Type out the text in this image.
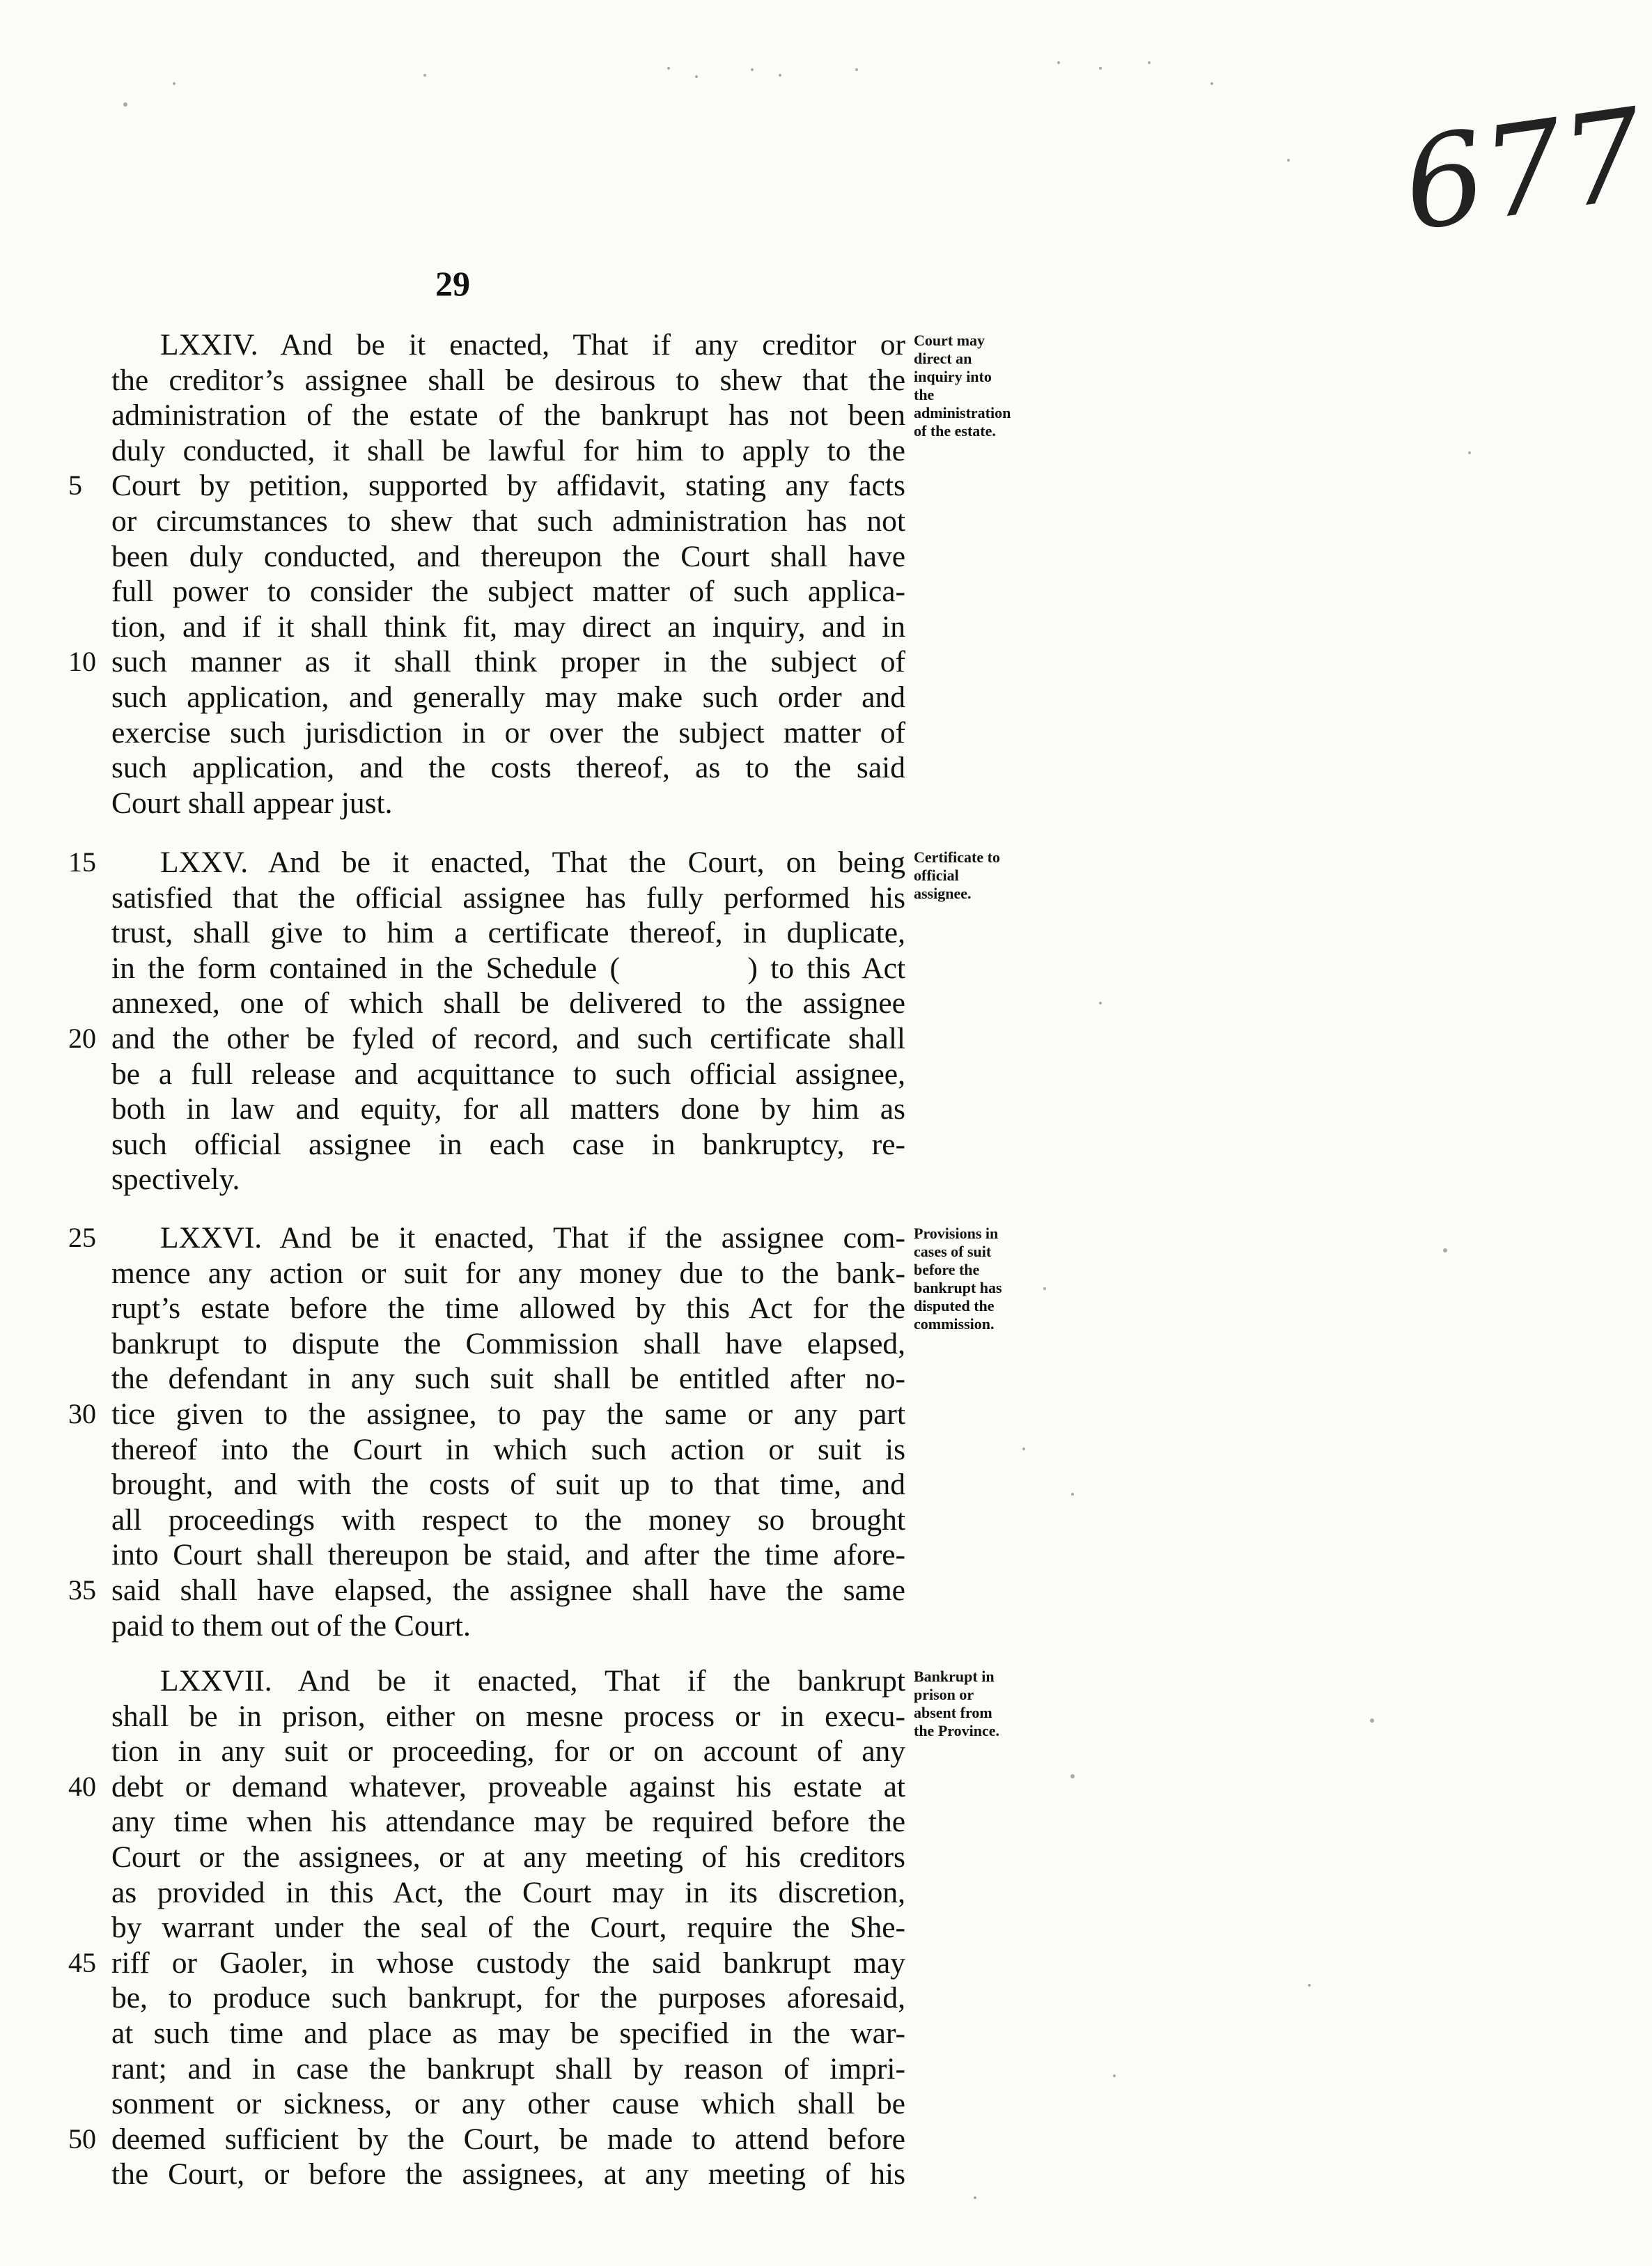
677
29
LXXIV. And be it enacted, That if any creditor or
the creditor’s assignee shall be desirous to shew that the
administration of the estate of the bankrupt has not been
duly conducted, it shall be lawful for him to apply to the
5 Court by petition, supported by affidavit, stating any facts
or circumstances to shew that such administration has not
been duly conducted, and thereupon the Court shall have
full power to consider the subject matter of such applica-
tion, and if it shall think fit, may direct an inquiry, and in
10 such manner as it shall think proper in the subject of
such application, and generally may make such order and
exercise such jurisdiction in or over the subject matter of
such application, and the costs thereof, as to the said
Court shall appear just.
Court may
direct an
inquiry into
the
administration
of the estate.
15 LXXV. And be it enacted, That the Court, on being
satisfied that the official assignee has fully performed his
trust, shall give to him a certificate thereof, in duplicate,
in the form contained in the Schedule (          ) to this Act
annexed, one of which shall be delivered to the assignee
20 and the other be fyled of record, and such certificate shall
be a full release and acquittance to such official assignee,
both in law and equity, for all matters done by him as
such official assignee in each case in bankruptcy, re-
spectively.
Certificate to
official
assignee.
25 LXXVI. And be it enacted, That if the assignee com-
mence any action or suit for any money due to the bank-
rupt’s estate before the time allowed by this Act for the
bankrupt to dispute the Commission shall have elapsed,
the defendant in any such suit shall be entitled after no-
30 tice given to the assignee, to pay the same or any part
thereof into the Court in which such action or suit is
brought, and with the costs of suit up to that time, and
all proceedings with respect to the money so brought
into Court shall thereupon be staid, and after the time afore-
35 said shall have elapsed, the assignee shall have the same
paid to them out of the Court.
Provisions in
cases of suit
before the
bankrupt has
disputed the
commission.
LXXVII. And be it enacted, That if the bankrupt
shall be in prison, either on mesne process or in execu-
tion in any suit or proceeding, for or on account of any
40 debt or demand whatever, proveable against his estate at
any time when his attendance may be required before the
Court or the assignees, or at any meeting of his creditors
as provided in this Act, the Court may in its discretion,
by warrant under the seal of the Court, require the She-
45 riff or Gaoler, in whose custody the said bankrupt may
be, to produce such bankrupt, for the purposes aforesaid,
at such time and place as may be specified in the war-
rant; and in case the bankrupt shall by reason of impri-
sonment or sickness, or any other cause which shall be
50 deemed sufficient by the Court, be made to attend before
the Court, or before the assignees, at any meeting of his
Bankrupt in
prison or
absent from
the Province.
